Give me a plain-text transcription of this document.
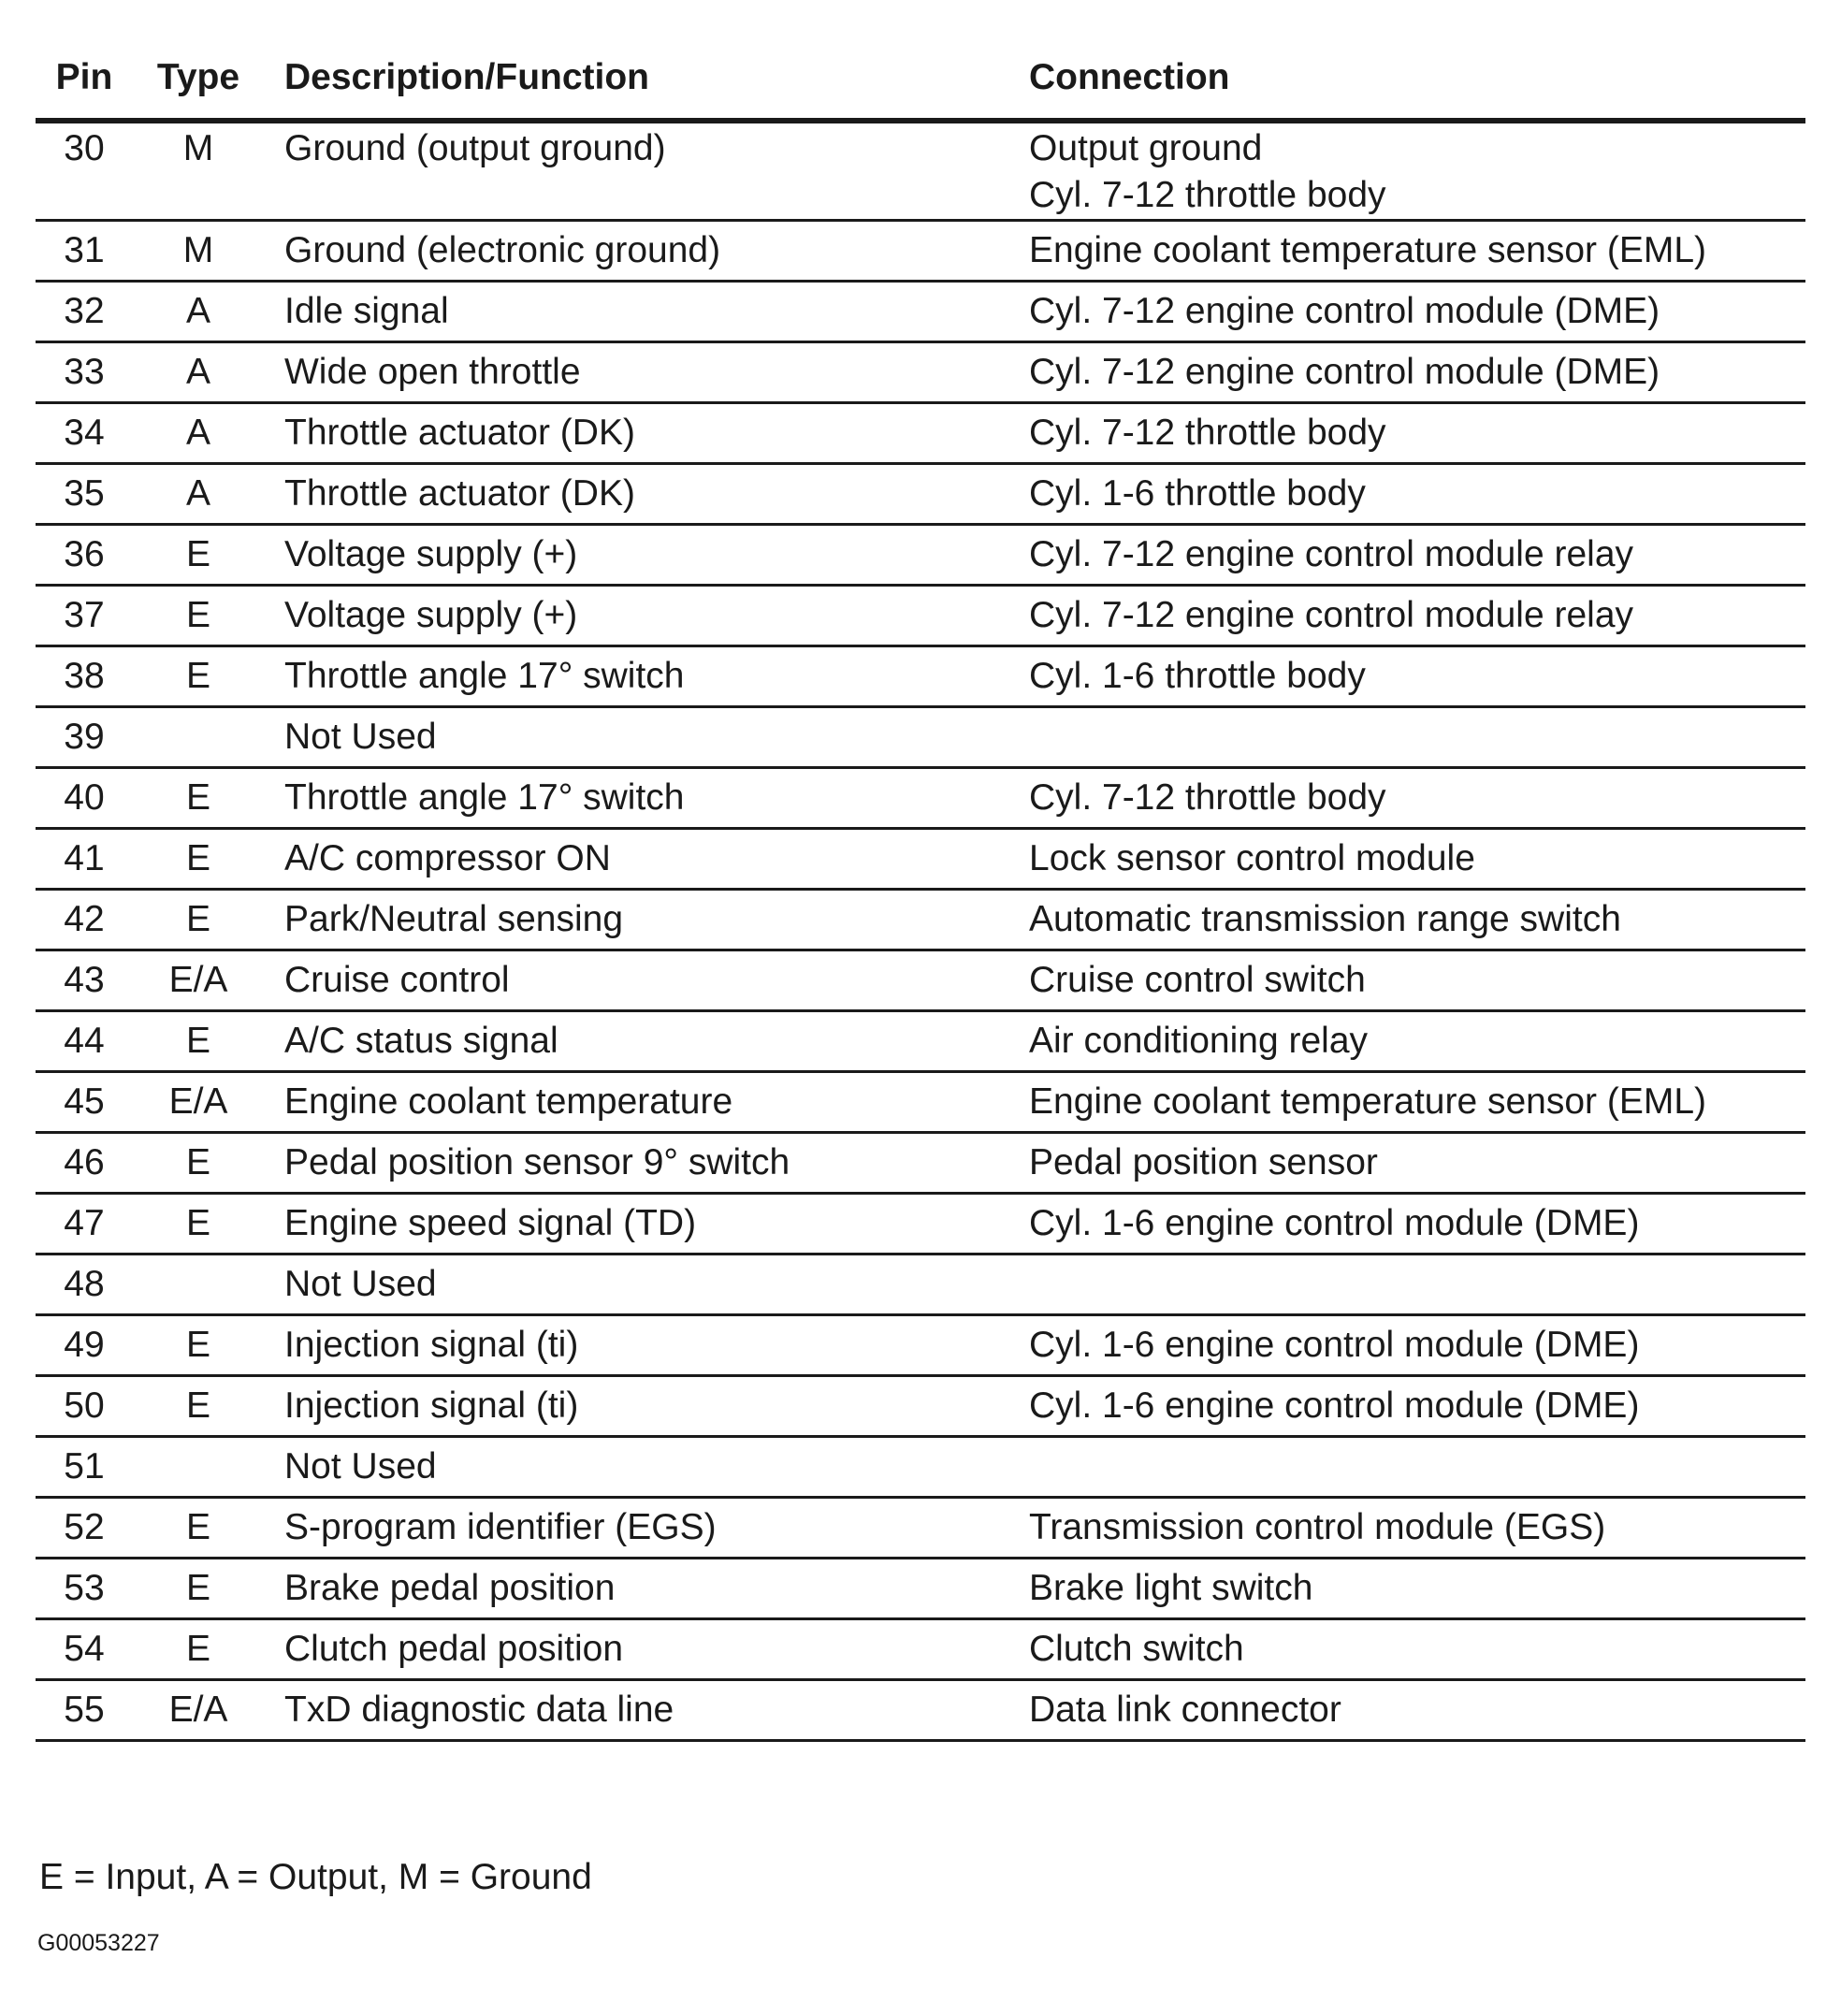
Pin	Type	Description/Function	Connection
30	M	Ground (output ground)	Output ground
Cyl. 7-12 throttle body

31	M	Ground (electronic ground)	Engine coolant temperature sensor (EML)

32	A	Idle signal	Cyl. 7-12 engine control module (DME)

33	A	Wide open throttle	Cyl. 7-12 engine control module (DME)

34	A	Throttle actuator (DK)	Cyl. 7-12 throttle body

35	A	Throttle actuator (DK)	Cyl. 1-6 throttle body

36	E	Voltage supply (+)	Cyl. 7-12 engine control module relay

37	E	Voltage supply (+)	Cyl. 7-12 engine control module relay

38	E	Throttle angle 17° switch	Cyl. 1-6 throttle body

39		Not Used	

40	E	Throttle angle 17° switch	Cyl. 7-12 throttle body

41	E	A/C compressor ON	Lock sensor control module

42	E	Park/Neutral sensing	Automatic transmission range switch

43	E/A	Cruise control	Cruise control switch

44	E	A/C status signal	Air conditioning relay

45	E/A	Engine coolant temperature	Engine coolant temperature sensor (EML)

46	E	Pedal position sensor 9° switch	Pedal position sensor

47	E	Engine speed signal (TD)	Cyl. 1-6 engine control module (DME)

48		Not Used	

49	E	Injection signal (ti)	Cyl. 1-6 engine control module (DME)

50	E	Injection signal (ti)	Cyl. 1-6 engine control module (DME)

51		Not Used	

52	E	S-program identifier (EGS)	Transmission control module (EGS)

53	E	Brake pedal position	Brake light switch

54	E	Clutch pedal position	Clutch switch

55	E/A	TxD diagnostic data line	Data link connector
E = Input, A = Output, M = Ground
G00053227
